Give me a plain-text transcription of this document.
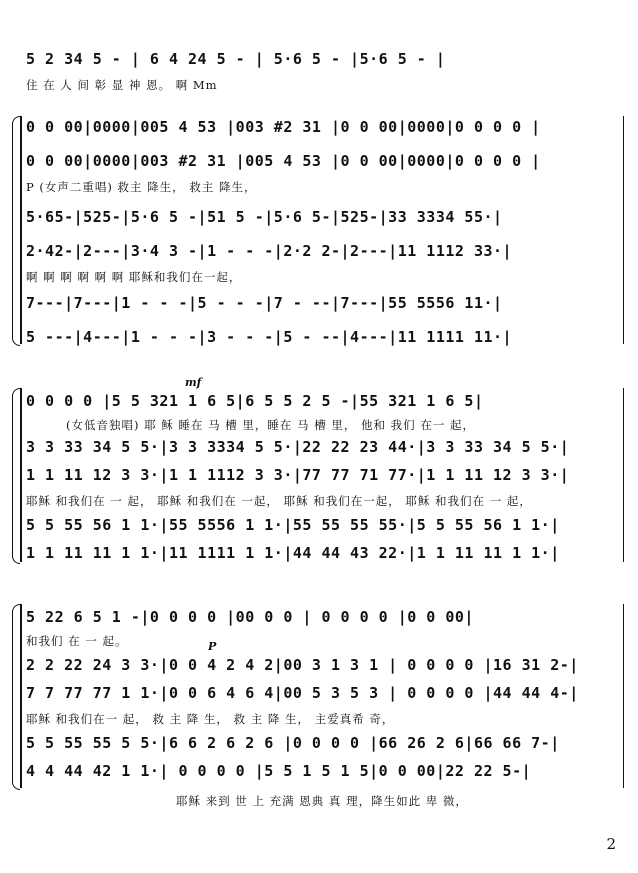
5 2 34 5 - | 6 4 24 5 - | 5·6 5 - |5·6 5 - |
住 在 人 间 彰 显 神 恩。 啊 Mm
0 0 00|0000|005 4 53 |003 #2 31 |0 0 00|0000|0 0 0 0 |
0 0 00|0000|003 #2 31 |005 4 53 |0 0 00|0000|0 0 0 0 |
P (女声二重唱) 救主 降生， 救主 降生，
5·65-|525-|5·6 5 -|51 5 -|5·6 5-|525-|33 3334 55·|
2·42-|2---|3·4 3 -|1 - - -|2·2 2-|2---|11 1112 33·|
啊 啊 啊 啊 啊 啊 耶稣和我们在一起，
7---|7---|1 - - -|5 - - -|7 - --|7---|55 5556 11·|
5 ---|4---|1 - - -|3 - - -|5 - --|4---|11 1111 11·|
mf
0 0 0 0 |5 5 321 1 6 5|6 5 5 2 5 -|55 321 1 6 5|
(女低音独唱) 耶 稣 睡在 马 槽 里，睡在 马 槽 里， 他和 我们 在一 起，
3 3 33 34 5 5·|3 3 3334 5 5·|22 22 23 44·|3 3 33 34 5 5·|
1 1 11 12 3 3·|1 1 1112 3 3·|77 77 71 77·|1 1 11 12 3 3·|
耶稣 和我们在 一 起， 耶稣 和我们在 一起， 耶稣 和我们在一起， 耶稣 和我们在 一 起，
5 5 55 56 1 1·|55 5556 1 1·|55 55 55 55·|5 5 55 56 1 1·|
1 1 11 11 1 1·|11 1111 1 1·|44 44 43 22·|1 1 11 11 1 1·|
P
5 22 6 5 1 -|0 0 0 0 |00 0 0 | 0 0 0 0 |0 0 00|
和我们 在 一 起。
2 2 22 24 3 3·|0 0 4 2 4 2|00 3 1 3 1 | 0 0 0 0 |16 31 2-|
7 7 77 77 1 1·|0 0 6 4 6 4|00 5 3 5 3 | 0 0 0 0 |44 44 4-|
耶稣 和我们在一 起， 救 主 降 生， 救 主 降 生， 主爱真希 奇，
5 5 55 55 5 5·|6 6 2 6 2 6 |0 0 0 0 |66 26 2 6|66 66 7-|
4 4 44 42 1 1·| 0 0 0 0 |5 5 1 5 1 5|0 0 00|22 22 5-|
耶稣 来到 世 上 充满 恩典 真 理，降生如此 卑 微，
2
